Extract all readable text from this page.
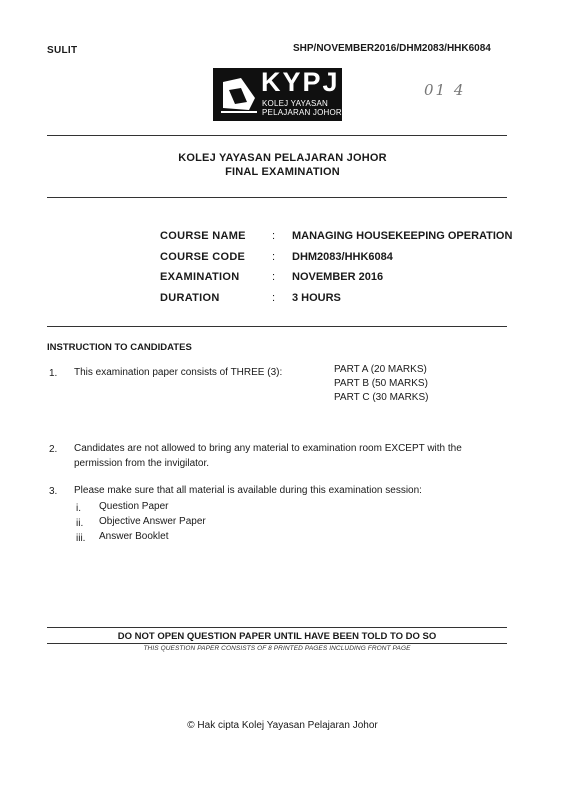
SULIT	SHP/NOVEMBER2016/DHM2083/HHK6084
01 4
KYPJ
KOLEJ YAYASAN
PELAJARAN JOHOR
KOLEJ YAYASAN PELAJARAN JOHOR
FINAL EXAMINATION
COURSE NAME	:	MANAGING HOUSEKEEPING OPERATION
COURSE CODE	:	DHM2083/HHK6084
EXAMINATION	:	NOVEMBER 2016
DURATION	:	3 HOURS
INSTRUCTION TO CANDIDATES
1. This examination paper consists of THREE (3):	PART A (20 MARKS)
PART B (50 MARKS)
PART C (30 MARKS)
2. Candidates are not allowed to bring any material to examination room EXCEPT with the
permission from the invigilator.
3. Please make sure that all material is available during this examination session:
i. Question Paper
ii. Objective Answer Paper
iii. Answer Booklet
DO NOT OPEN QUESTION PAPER UNTIL HAVE BEEN TOLD TO DO SO
THIS QUESTION PAPER CONSISTS OF 8 PRINTED PAGES INCLUDING FRONT PAGE
© Hak cipta Kolej Yayasan Pelajaran Johor
